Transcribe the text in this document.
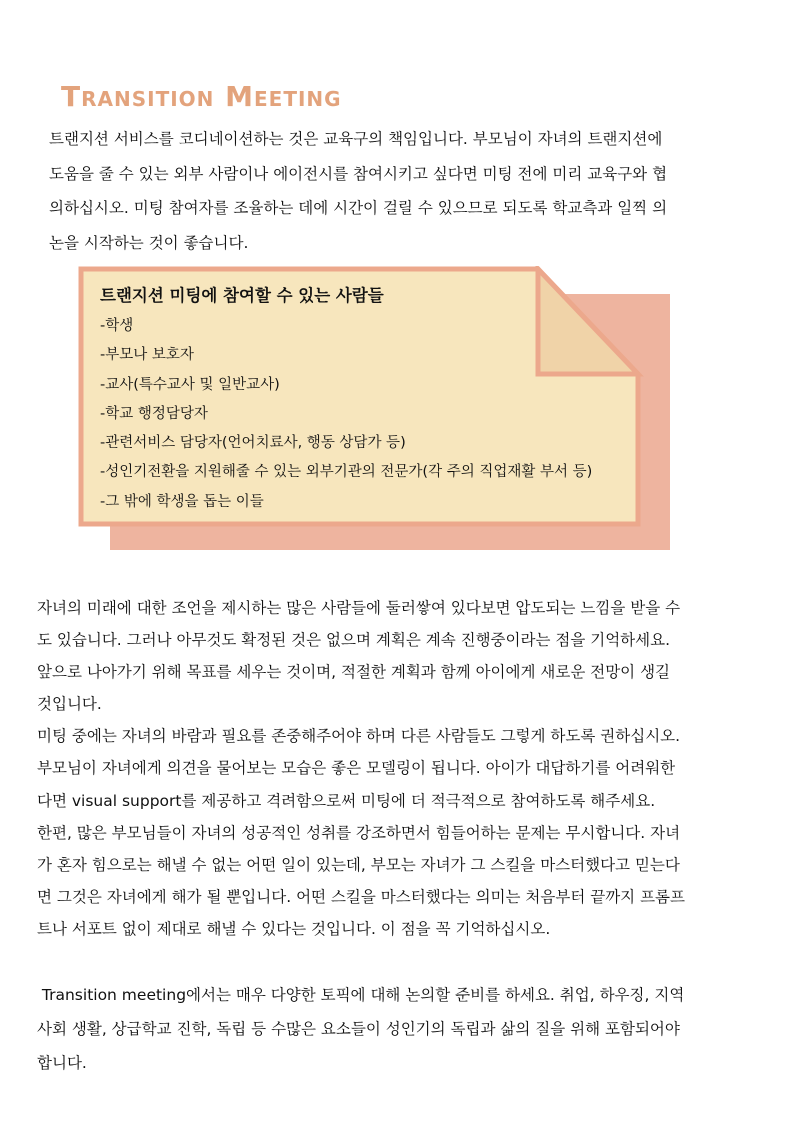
Transition Meeting

트랜지션 서비스를 코디네이션하는 것은 교육구의 책임입니다. 부모님이 자녀의 트랜지션에
도움을 줄 수 있는 외부 사람이나 에이전시를 참여시키고 싶다면 미팅 전에 미리 교육구와 협
의하십시오. 미팅 참여자를 조율하는 데에 시간이 걸릴 수 있으므로 되도록 학교측과 일찍 의
논을 시작하는 것이 좋습니다.

트랜지션 미팅에 참여할 수 있는 사람들

-학생
-부모나 보호자
-교사(특수교사 및 일반교사)
-학교 행정담당자
-관련서비스 담당자(언어치료사, 행동 상담가 등)
-성인기전환을 지원해줄 수 있는 외부기관의 전문가(각 주의 직업재활 부서 등)
-그 밖에 학생을 돕는 이들

자녀의 미래에 대한 조언을 제시하는 많은 사람들에 둘러쌓여 있다보면 압도되는 느낌을 받을 수
도 있습니다. 그러나 아무것도 확정된 것은 없으며 계획은 계속 진행중이라는 점을 기억하세요.
앞으로 나아가기 위해 목표를 세우는 것이며, 적절한 계획과 함께 아이에게 새로운 전망이 생길
것입니다.
미팅 중에는 자녀의 바람과 필요를 존중해주어야 하며 다른 사람들도 그렇게 하도록 권하십시오.
부모님이 자녀에게 의견을 물어보는 모습은 좋은 모델링이 됩니다. 아이가 대답하기를 어려워한
다면 visual support를 제공하고 격려함으로써 미팅에 더 적극적으로 참여하도록 해주세요.
한편, 많은 부모님들이 자녀의 성공적인 성취를 강조하면서 힘들어하는 문제는 무시합니다. 자녀
가 혼자 힘으로는 해낼 수 없는 어떤 일이 있는데, 부모는 자녀가 그 스킬을 마스터했다고 믿는다
면 그것은 자녀에게 해가 될 뿐입니다. 어떤 스킬을 마스터했다는 의미는 처음부터 끝까지 프롬프
트나 서포트 없이 제대로 해낼 수 있다는 것입니다. 이 점을 꼭 기억하십시오.

Transition meeting에서는 매우 다양한 토픽에 대해 논의할 준비를 하세요. 취업, 하우징, 지역
사회 생활, 상급학교 진학, 독립 등 수많은 요소들이 성인기의 독립과 삶의 질을 위해 포함되어야
합니다.
